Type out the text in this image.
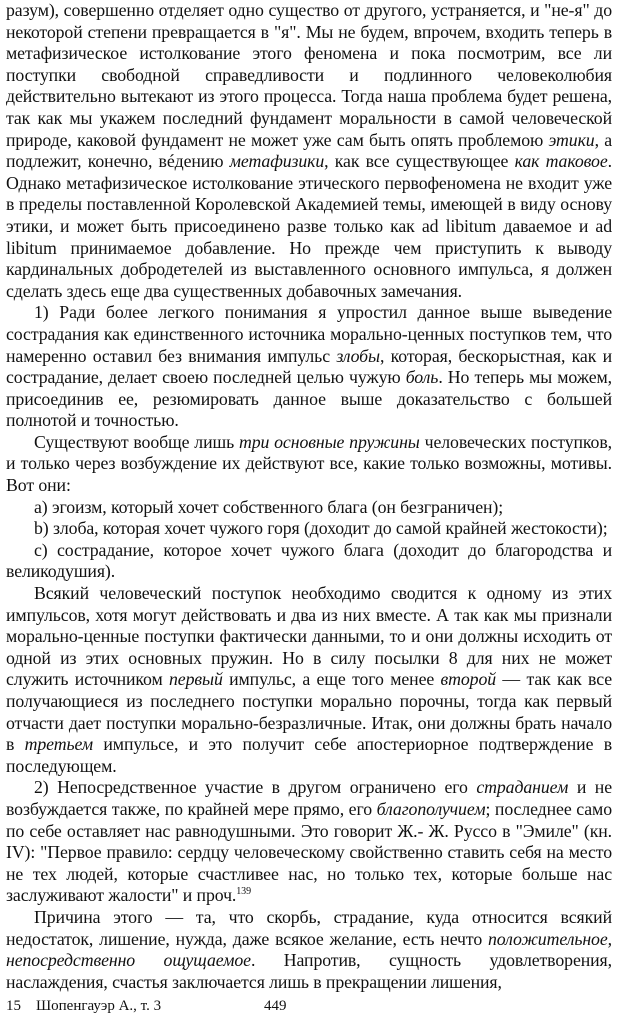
разум), совершенно отделяет одно существо от другого, устраняется, и "не-я" до некоторой степени превращается в "я". Мы не будем, впрочем, входить теперь в метафизическое истолкование этого феномена и пока посмотрим, все ли поступки свободной справедливости и подлинного человеколюбия действительно вытекают из этого процесса. Тогда наша проблема будет решена, так как мы укажем последний фундамент моральности в самой человеческой природе, каковой фундамент не может уже сам быть опять проблемою этики, а подлежит, конечно, вéдению метафизики, как все существующее как таковое. Однако метафизическое истолкование этического первофеномена не входит уже в пределы поставленной Королевской Академией темы, имеющей в виду основу этики, и может быть присоединено разве только как ad libitum даваемое и ad libitum принимаемое добавление. Но прежде чем приступить к выводу кардинальных добродетелей из выставленного основного импульса, я должен сделать здесь еще два существенных добавочных замечания.

1) Ради более легкого понимания я упростил данное выше выведение сострадания как единственного источника морально-ценных поступков тем, что намеренно оставил без внимания импульс злобы, которая, бескорыстная, как и сострадание, делает своею последней целью чужую боль. Но теперь мы можем, присоединив ее, резюмировать данное выше доказательство с большей полнотой и точностью.

Существуют вообще лишь три основные пружины человеческих поступков, и только через возбуждение их действуют все, какие только возможны, мотивы. Вот они:

а) эгоизм, который хочет собственного блага (он безграничен);

b) злоба, которая хочет чужого горя (доходит до самой крайней жестокости);

с) сострадание, которое хочет чужого блага (доходит до благородства и великодушия).

Всякий человеческий поступок необходимо сводится к одному из этих импульсов, хотя могут действовать и два из них вместе. А так как мы признали морально-ценные поступки фактически данными, то и они должны исходить от одной из этих основных пружин. Но в силу посылки 8 для них не может служить источником первый импульс, а еще того менее второй — так как все получающиеся из последнего поступки морально порочны, тогда как первый отчасти дает поступки морально-безразличные. Итак, они должны брать начало в третьем импульсе, и это получит себе апостериорное подтверждение в последующем.

2) Непосредственное участие в другом ограничено его страданием и не возбуждается также, по крайней мере прямо, его благополучием; последнее само по себе оставляет нас равнодушными. Это говорит Ж.- Ж. Руссо в "Эмиле" (кн. IV): "Первое правило: сердцу человеческому свойственно ставить себя на место не тех людей, которые счастливее нас, но только тех, которые больше нас заслуживают жалости" и проч.$^{139}$

Причина этого — та, что скорбь, страдание, куда относится всякий недостаток, лишение, нужда, даже всякое желание, есть нечто положительное, непосредственно ощущаемое. Напротив, сущность удовлетворения, наслаждения, счастья заключается лишь в прекращении лишения,

15 Шопенгауэр А., т. 3	449
